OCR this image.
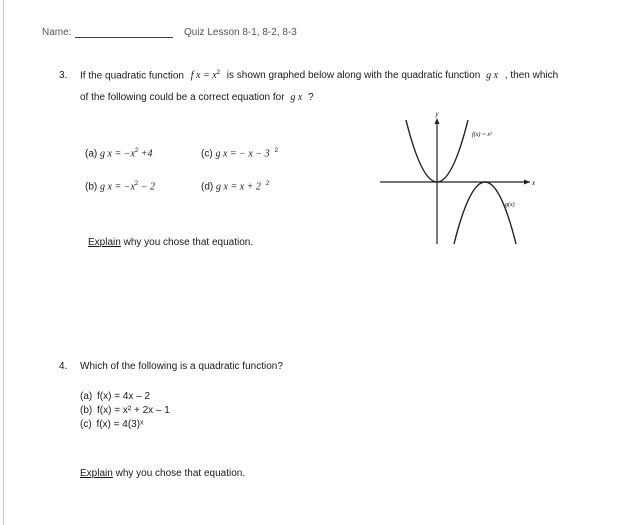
Name:	Quiz Lesson 8-1, 8-2, 8-3
3. If the quadratic function f $x = x^2$ is shown graphed below along with the quadratic function g x , then which
of the following could be a correct equation for g x ?
(a) g $x = -x^2 +4$	(c) g x = − x − 3 $^2$
(b) g $x = -x^2 - 2$	(d) g x = x + 2 $^2$
Explain why you chose that equation.
y
x
f(x) = x²
g(x)
4. Which of the following is a quadratic function?
(a) f(x) = 4x – 2
(b) f(x) = x² + 2x – 1
(c) f(x) = 4(3)ˣ
Explain why you chose that equation.
